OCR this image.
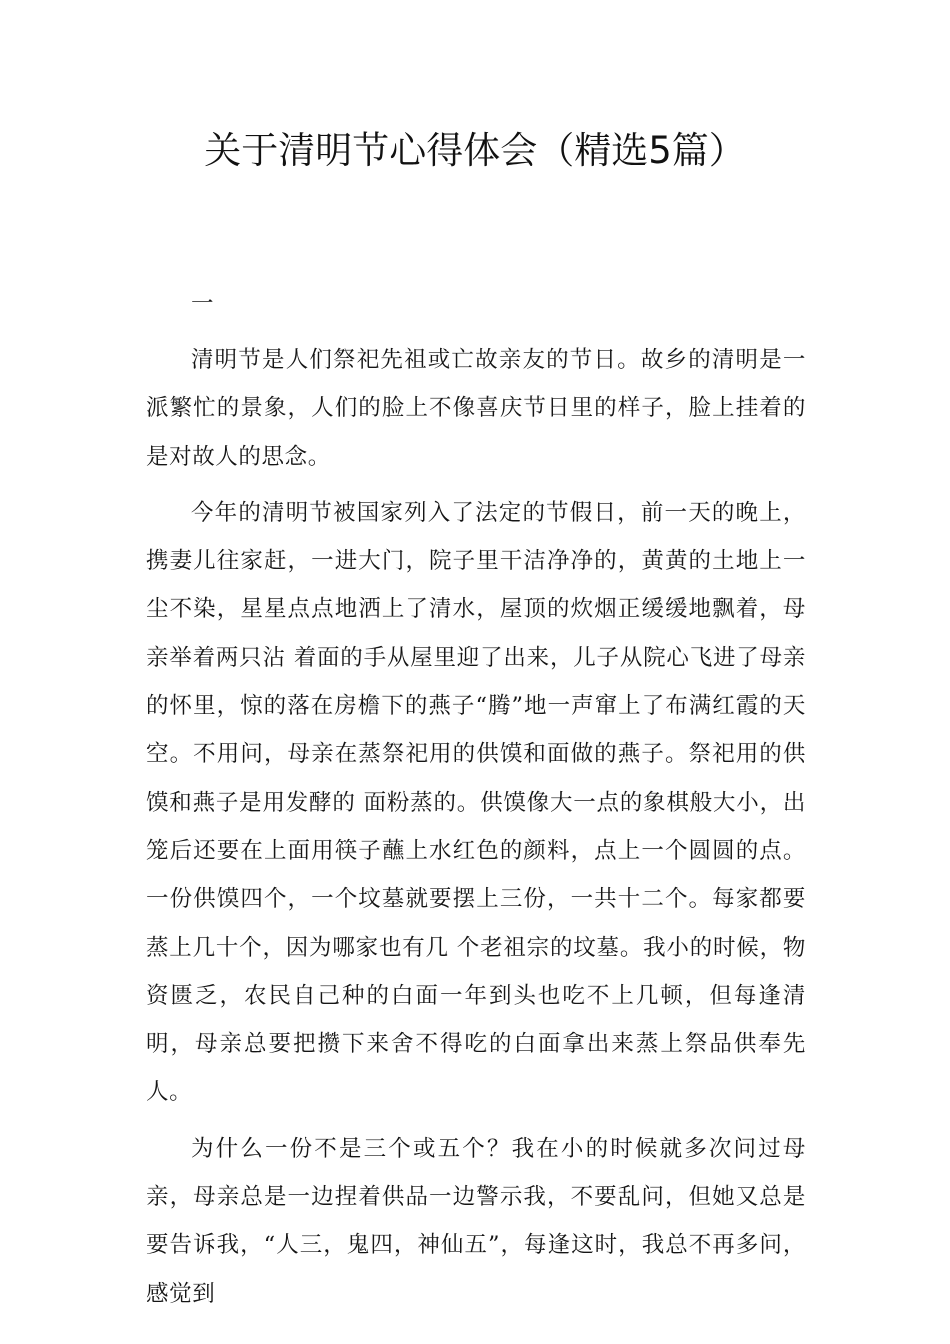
关于清明节心得体会（精选5篇）

一

清明节是人们祭祀先祖或亡故亲友的节日。故乡的清明是一派繁忙的景象，人们的脸上不像喜庆节日里的样子，脸上挂着的是对故人的思念。

今年的清明节被国家列入了法定的节假日，前一天的晚上，携妻儿往家赶，一进大门，院子里干洁净净的，黄黄的土地上一尘不染，星星点点地洒上了清水，屋顶的炊烟正缓缓地飘着，母亲举着两只沾 着面的手从屋里迎了出来，儿子从院心飞进了母亲的怀里，惊的落在房檐下的燕子“腾”地一声窜上了布满红霞的天空。不用问，母亲在蒸祭祀用的供馍和面做的燕子。祭祀用的供馍和燕子是用发酵的 面粉蒸的。供馍像大一点的象棋般大小，出笼后还要在上面用筷子蘸上水红色的颜料，点上一个圆圆的点。一份供馍四个，一个坟墓就要摆上三份，一共十二个。每家都要蒸上几十个，因为哪家也有几 个老祖宗的坟墓。我小的时候，物资匮乏，农民自己种的白面一年到头也吃不上几顿，但每逢清明，母亲总要把攒下来舍不得吃的白面拿出来蒸上祭品供奉先人。

为什么一份不是三个或五个？我在小的时候就多次问过母亲，母亲总是一边捏着供品一边警示我，不要乱问，但她又总是要告诉我，“人三，鬼四，神仙五”，每逢这时，我总不再多问，感觉到
